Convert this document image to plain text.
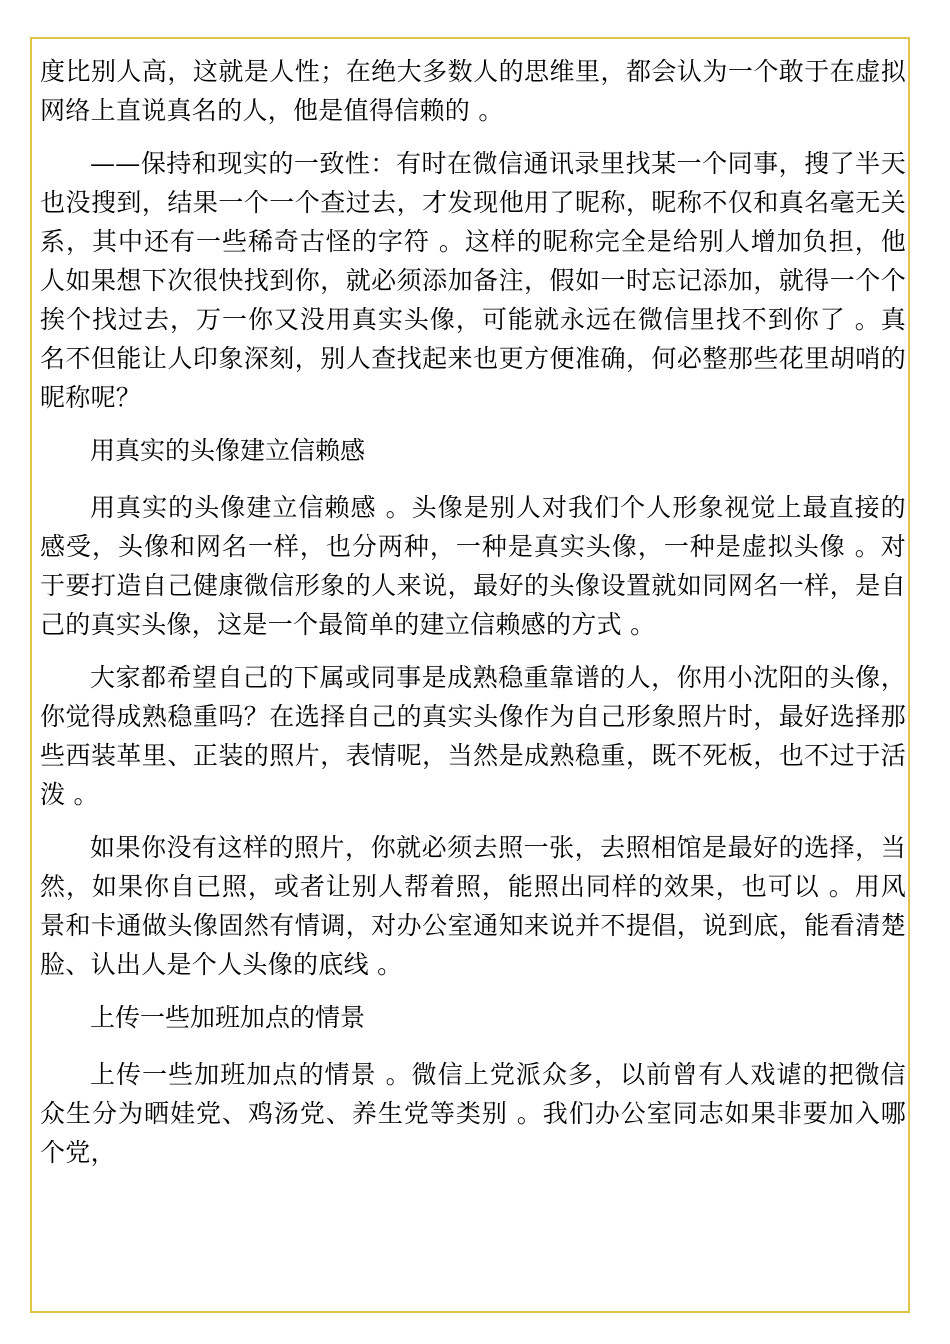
度比别人高，这就是人性；在绝大多数人的思维里，都会认为一个敢于在虚拟网络上直说真名的人，他是值得信赖的 。

——保持和现实的一致性：有时在微信通讯录里找某一个同事，搜了半天也没搜到，结果一个一个查过去，才发现他用了昵称，昵称不仅和真名毫无关系，其中还有一些稀奇古怪的字符 。这样的昵称完全是给别人增加负担，他人如果想下次很快找到你，就必须添加备注，假如一时忘记添加，就得一个个挨个找过去，万一你又没用真实头像，可能就永远在微信里找不到你了 。真名不但能让人印象深刻，别人查找起来也更方便准确，何必整那些花里胡哨的昵称呢？

用真实的头像建立信赖感

用真实的头像建立信赖感 。头像是别人对我们个人形象视觉上最直接的感受，头像和网名一样，也分两种，一种是真实头像，一种是虚拟头像 。对于要打造自己健康微信形象的人来说，最好的头像设置就如同网名一样，是自己的真实头像，这是一个最简单的建立信赖感的方式 。

大家都希望自己的下属或同事是成熟稳重靠谱的人，你用小沈阳的头像，你觉得成熟稳重吗？在选择自己的真实头像作为自己形象照片时，最好选择那些西装革里、正装的照片，表情呢，当然是成熟稳重，既不死板，也不过于活泼 。

如果你没有这样的照片，你就必须去照一张，去照相馆是最好的选择，当然，如果你自已照，或者让别人帮着照，能照出同样的效果，也可以 。用风景和卡通做头像固然有情调，对办公室通知来说并不提倡，说到底，能看清楚脸、认出人是个人头像的底线 。

上传一些加班加点的情景

上传一些加班加点的情景 。微信上党派众多，以前曾有人戏谑的把微信众生分为晒娃党、鸡汤党、养生党等类别 。我们办公室同志如果非要加入哪个党，
